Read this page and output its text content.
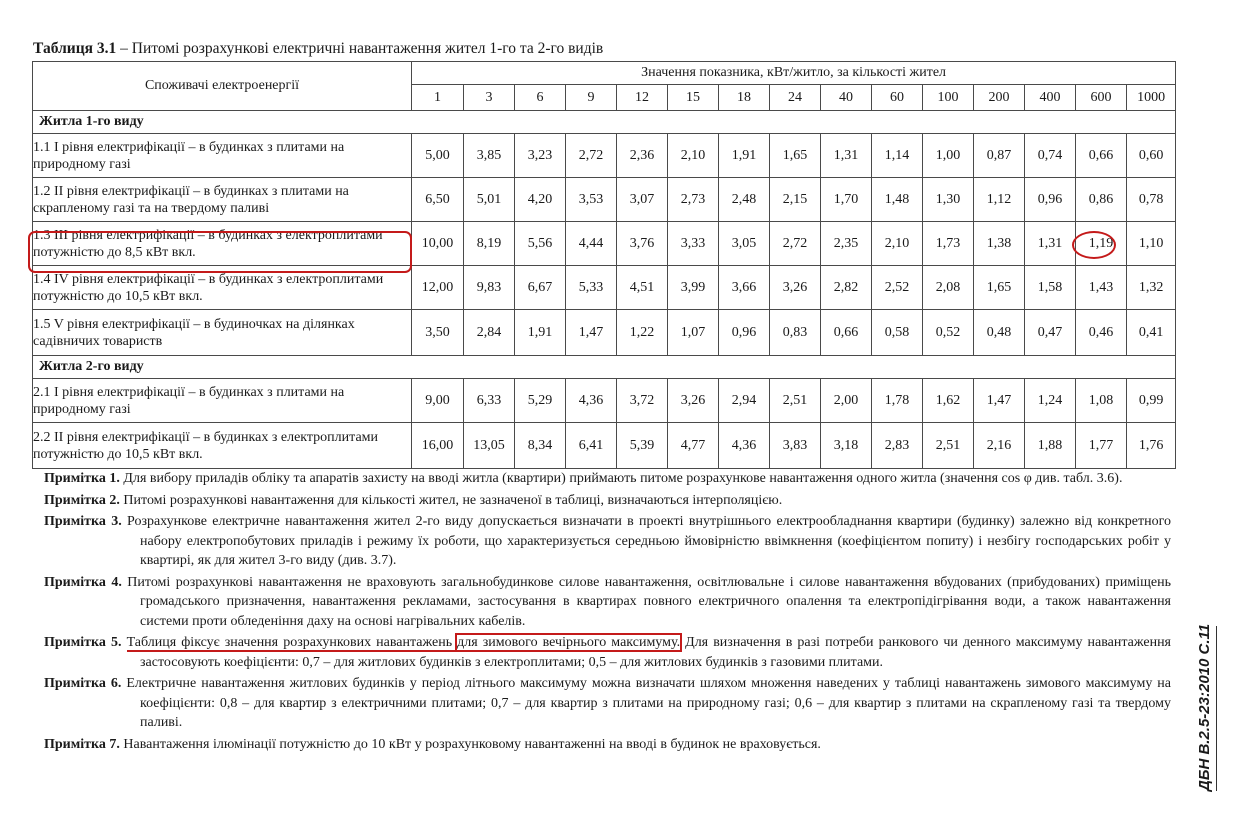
Таблиця 3.1 – Питомі розрахункові електричні навантаження жител 1-го та 2-го видів
Споживачі електроенергії	Значення показника, кВт/житло, за кількості жител														
	1	3	6	9	12	15	18	24	40	60	100	200	400	600	1000
Житла 1-го виду															
1.1 І рівня електрифікації – в будинках з плитами на природному газі	5,00	3,85	3,23	2,72	2,36	2,10	1,91	1,65	1,31	1,14	1,00	0,87	0,74	0,66	0,60
1.2 ІІ рівня електрифікації – в будинках з плитами на скрапленому газі та на твердому паливі	6,50	5,01	4,20	3,53	3,07	2,73	2,48	2,15	1,70	1,48	1,30	1,12	0,96	0,86	0,78
1.3 ІІІ рівня електрифікації – в будинках з електроплитами потужністю до 8,5 кВт вкл.	10,00	8,19	5,56	4,44	3,76	3,33	3,05	2,72	2,35	2,10	1,73	1,38	1,31	1,19	1,10
1.4 IV рівня електрифікації – в будинках з електроплитами потужністю до 10,5 кВт вкл.	12,00	9,83	6,67	5,33	4,51	3,99	3,66	3,26	2,82	2,52	2,08	1,65	1,58	1,43	1,32
1.5 V рівня електрифікації – в будиночках на ділянках садівничих товариств	3,50	2,84	1,91	1,47	1,22	1,07	0,96	0,83	0,66	0,58	0,52	0,48	0,47	0,46	0,41
Житла 2-го виду															
2.1 І рівня електрифікації – в будинках з плитами на природному газі	9,00	6,33	5,29	4,36	3,72	3,26	2,94	2,51	2,00	1,78	1,62	1,47	1,24	1,08	0,99
2.2 ІІ рівня електрифікації – в будинках з електроплитами потужністю до 10,5 кВт вкл.	16,00	13,05	8,34	6,41	5,39	4,77	4,36	3,83	3,18	2,83	2,51	2,16	1,88	1,77	1,76

Примітка 1. Для вибору приладів обліку та апаратів захисту на вводі житла (квартири) приймають питоме розрахункове навантаження одного житла (значення cos φ див. табл. 3.6).

Примітка 2. Питомі розрахункові навантаження для кількості жител, не зазначеної в таблиці, визначаються інтерполяцією.

Примітка 3. Розрахункове електричне навантаження жител 2-го виду допускається визначати в проекті внутрішнього електрообладнання квартири (будинку) залежно від конкретного набору електропобутових приладів і режиму їх роботи, що характеризується середньою ймовірністю ввімкнення (коефіцієнтом попиту) і незбігу господарських робіт у квартирі, як для жител 3-го виду (див. 3.7).

Примітка 4. Питомі розрахункові навантаження не враховують загальнобудинкове силове навантаження, освітлювальне і силове навантаження вбудованих (прибудованих) приміщень громадського призначення, навантаження рекламами, застосування в квартирах повного електричного опалення та електропідігрівання води, а також навантаження системи проти обледеніння даху на основі нагрівальних кабелів.

Примітка 5. Таблиця фіксує значення розрахункових навантажень для зимового вечірнього максимуму. Для визначення в разі потреби ранкового чи денного максимуму навантаження застосовують коефіцієнти: 0,7 – для житлових будинків з електроплитами; 0,5 – для житлових будинків з газовими плитами.

Примітка 6. Електричне навантаження житлових будинків у період літнього максимуму можна визначати шляхом множення наведених у таблиці навантажень зимового максимуму на коефіцієнти: 0,8 – для квартир з електричними плитами; 0,7 – для квартир з плитами на природному газі; 0,6 – для квартир з плитами на скрапленому газі та твердому паливі.

Примітка 7. Навантаження ілюмінації потужністю до 10 кВт у розрахунковому навантаженні на вводі в будинок не враховується.	ДБН В.2.5-23:2010 С.11
